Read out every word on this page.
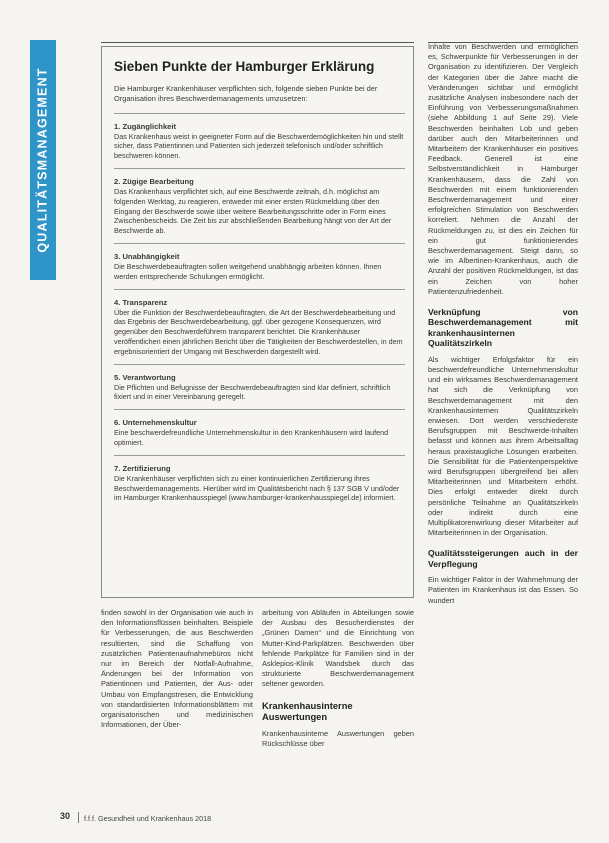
QUALITÄTSMANAGEMENT
Sieben Punkte der Hamburger Erklärung

Die Hamburger Krankenhäuser verpflichten sich, folgende sieben Punkte bei der Organisation ihres Beschwerdemanagements umzusetzen:

1. Zugänglichkeit

Das Krankenhaus weist in geeigneter Form auf die Beschwerdemöglichkeiten hin und stellt sicher, dass Patientinnen und Patienten sich jederzeit telefonisch und/oder schriftlich beschweren können.

2. Zügige Bearbeitung

Das Krankenhaus verpflichtet sich, auf eine Beschwerde zeitnah, d.h. möglichst am folgenden Werktag, zu reagieren, entweder mit einer ersten Rückmeldung über den Eingang der Beschwerde sowie über weitere Bearbeitungsschritte oder in Form eines Zwischenbescheids. Die Zeit bis zur abschließenden Bearbeitung hängt von der Art der Beschwerde ab.

3. Unabhängigkeit

Die Beschwerdebeauftragten sollen weitgehend unabhängig arbeiten können. Ihnen werden entsprechende Schulungen ermöglicht.

4. Transparenz

Über die Funktion der Beschwerdebeauftragten, die Art der Beschwerdebearbeitung und das Ergebnis der Beschwerdebearbeitung, ggf. über gezogene Konsequenzen, wird gegenüber den Beschwerdeführern transparent berichtet. Die Krankenhäuser veröffentlichen einen jährlichen Bericht über die Tätigkeiten der Beschwerdestellen, in dem ergebnisorientiert der Umgang mit Beschwerden dargestellt wird.

5. Verantwortung

Die Pflichten und Befugnisse der Beschwerdebeauftragten sind klar definiert, schriftlich fixiert und in einer Vereinbarung geregelt.

6. Unternehmenskultur

Eine beschwerdefreundliche Unternehmenskultur in den Krankenhäusern wird laufend optimiert.

7. Zertifizierung

Die Krankenhäuser verpflichten sich zu einer kontinuierlichen Zertifizierung ihres Beschwerdemanagements. Hierüber wird im Qualitätsbericht nach § 137 SGB V und/oder im Hamburger Krankenhausspiegel (www.hamburger-krankenhausspiegel.de) informiert.

finden sowohl in der Organisation wie auch in den Informationsflüssen beinhalten. Beispiele für Verbesserungen, die aus Beschwerden resultierten, sind die Schaffung von zusätzlichen Patientenaufnahmebüros nicht nur im Bereich der Notfall-Aufnahme, Änderungen bei der Information von Patientinnen und Patienten, der Aus- oder Umbau von Empfangstresen, die Entwicklung von standardisierten Informationsblättern mit organisatorischen und medizinischen Informationen, der Über-

arbeitung von Abläufen in Abteilungen sowie der Ausbau des Besucherdienstes der „Grünen Damen“ und die Einrichtung von Mutter-Kind-Parkplätzen. Beschwerden über fehlende Parkplätze für Familien sind in der Asklepios-Klinik Wandsbek durch das strukturierte Beschwerdemanagement seltener geworden.

Krankenhausinterne Auswertungen

Krankenhausinterne Auswertungen geben Rückschlüsse über

Inhalte von Beschwerden und ermöglichen es, Schwerpunkte für Verbesserungen in der Organisation zu identifizieren. Der Vergleich der Kategorien über die Jahre macht die Veränderungen sichtbar und ermöglicht zusätzliche Analysen insbesondere nach der Einführung von Verbesserungsmaßnahmen (siehe Abbildung 1 auf Seite 29). Viele Beschwerden beinhalten Lob und geben darüber auch den Mitarbeiterinnen und Mitarbeitern der Krankenhäuser ein positives Feedback. Generell ist eine Selbstverständlichkeit in Hamburger Krankenhäusern, dass die Zahl von Beschwerden mit einem funktionierenden Beschwerdemanagement und einer erfolgreichen Stimulation von Beschwerden korreliert. Nehmen die Anzahl der Rückmeldungen zu, ist dies ein Zeichen für ein gut funktionierendes Beschwerdemanagement. Steigt dann, so wie im Albertinen-Krankenhaus, auch die Anzahl der positiven Rückmeldungen, ist das ein Zeichen von hoher Patientenzufriedenheit.

Verknüpfung von Beschwerdemanagement mit krankenhausinternen Qualitätszirkeln

Als wichtiger Erfolgsfaktor für ein beschwerdefreundliche Unternehmenskultur und ein wirksames Beschwerdemanagement hat sich die Verknüpfung von Beschwerdemanagement mit den Krankenhausinternen Qualitätszirkeln erwiesen. Dort werden verschiedenste Berufsgruppen mit Beschwerde-Inhalten befasst und können aus ihrem Arbeitsalltag heraus praxistaugliche Lösungen erarbeiten. Die Sensibilität für die Patientenperspektive wird Berufsgruppen übergreifend bei allen Mitarbeiterinnen und Mitarbeitern erhöht. Dies erfolgt entweder direkt durch persönliche Teilnahme an Qualitätszirkeln oder indirekt durch eine Multiplikatorenwirkung dieser Mitarbeiter auf Mitarbeiterinnen in der Organisation.

Qualitätssteigerungen auch in der Verpflegung

Ein wichtiger Faktor in der Wahrnehmung der Patienten im Krankenhaus ist das Essen. So wundert

30 f.f.f. Gesundheit und Krankenhaus 2018
